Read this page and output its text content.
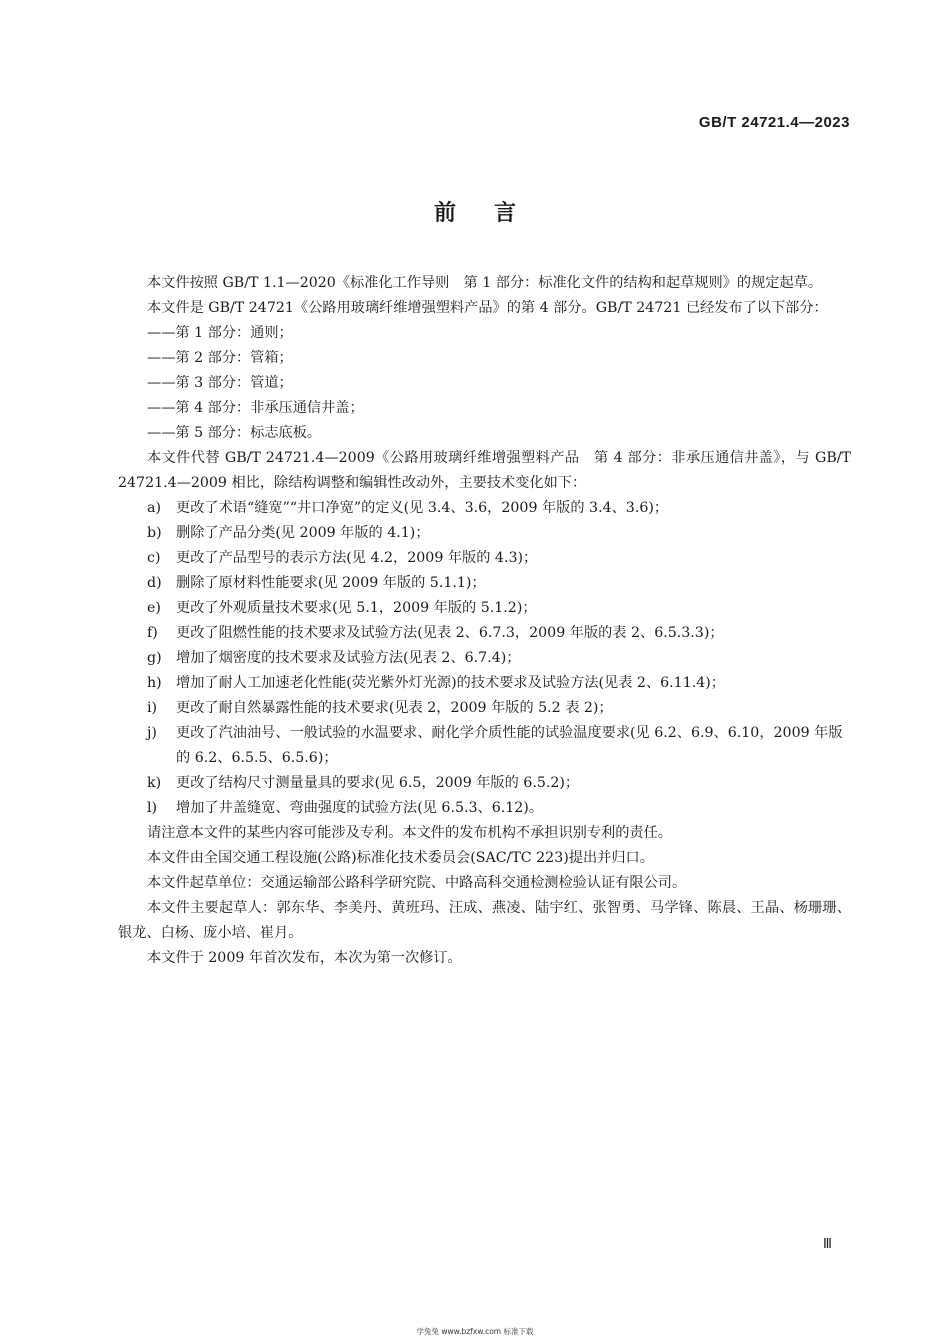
GB/T 24721.4—2023
前言

本文件按照 GB/T 1.1—2020《标准化工作导则　第 1 部分：标准化文件的结构和起草规则》的规定起草。

本文件是 GB/T 24721《公路用玻璃纤维增强塑料产品》的第 4 部分。GB/T 24721 已经发布了以下部分：

——第 1 部分：通则；

——第 2 部分：管箱；

——第 3 部分：管道；

——第 4 部分：非承压通信井盖；

——第 5 部分：标志底板。

本文件代替 GB/T 24721.4—2009《公路用玻璃纤维增强塑料产品　第 4 部分：非承压通信井盖》，与 GB/T 24721.4—2009 相比，除结构调整和编辑性改动外，主要技术变化如下：

a) 更改了术语“缝宽”“井口净宽”的定义(见 3.4、3.6，2009 年版的 3.4、3.6)；

b) 删除了产品分类(见 2009 年版的 4.1)；

c) 更改了产品型号的表示方法(见 4.2，2009 年版的 4.3)；

d) 删除了原材料性能要求(见 2009 年版的 5.1.1)；

e) 更改了外观质量技术要求(见 5.1，2009 年版的 5.1.2)；

f) 更改了阻燃性能的技术要求及试验方法(见表 2、6.7.3，2009 年版的表 2、6.5.3.3)；

g) 增加了烟密度的技术要求及试验方法(见表 2、6.7.4)；

h) 增加了耐人工加速老化性能(荧光紫外灯光源)的技术要求及试验方法(见表 2、6.11.4)；

i) 更改了耐自然暴露性能的技术要求(见表 2，2009 年版的 5.2 表 2)；

j) 更改了汽油油号、一般试验的水温要求、耐化学介质性能的试验温度要求(见 6.2、6.9、6.10，2009 年版的 6.2、6.5.5、6.5.6)；

k) 更改了结构尺寸测量量具的要求(见 6.5，2009 年版的 6.5.2)；

l) 增加了井盖缝宽、弯曲强度的试验方法(见 6.5.3、6.12)。

请注意本文件的某些内容可能涉及专利。本文件的发布机构不承担识别专利的责任。

本文件由全国交通工程设施(公路)标准化技术委员会(SAC/TC 223)提出并归口。

本文件起草单位：交通运输部公路科学研究院、中路高科交通检测检验认证有限公司。

本文件主要起草人：郭东华、李美丹、黄班玛、汪成、燕凌、陆宇红、张智勇、马学锋、陈晨、王晶、杨珊珊、银龙、白杨、庞小培、崔月。

本文件于 2009 年首次发布，本次为第一次修订。

Ⅲ
学兔兔 www.bzfxw.com 标准下载
